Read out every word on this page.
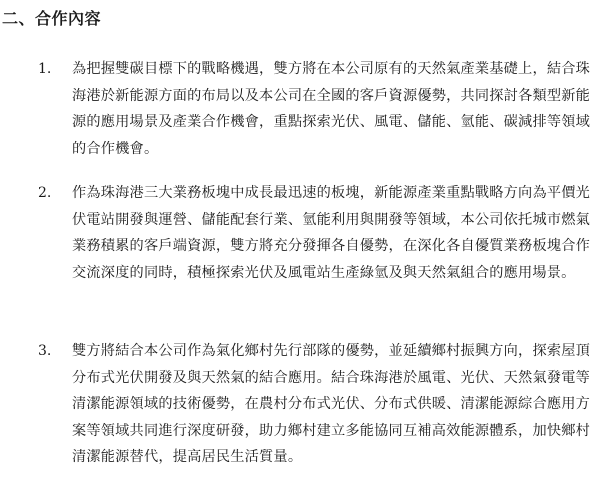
二、合作內容
1. 為把握雙碳目標下的戰略機遇，雙方將在本公司原有的天然氣產業基礎上，結合珠海港於新能源方面的布局以及本公司在全國的客戶資源優勢，共同探討各類型新能源的應用場景及產業合作機會，重點探索光伏、風電、儲能、氫能、碳減排等領域的合作機會。
2. 作為珠海港三大業務板塊中成長最迅速的板塊，新能源產業重點戰略方向為平價光伏電站開發與運營、儲能配套行業、氫能利用與開發等領域，本公司依托城市燃氣業務積累的客戶端資源，雙方將充分發揮各自優勢，在深化各自優質業務板塊合作交流深度的同時，積極探索光伏及風電站生產綠氫及與天然氣組合的應用場景。
3. 雙方將結合本公司作為氣化鄉村先行部隊的優勢，並延續鄉村振興方向，探索屋頂分布式光伏開發及與天然氣的結合應用。結合珠海港於風電、光伏、天然氣發電等清潔能源領域的技術優勢，在農村分布式光伏、分布式供暖、清潔能源綜合應用方案等領域共同進行深度研發，助力鄉村建立多能協同互補高效能源體系，加快鄉村清潔能源替代，提高居民生活質量。
